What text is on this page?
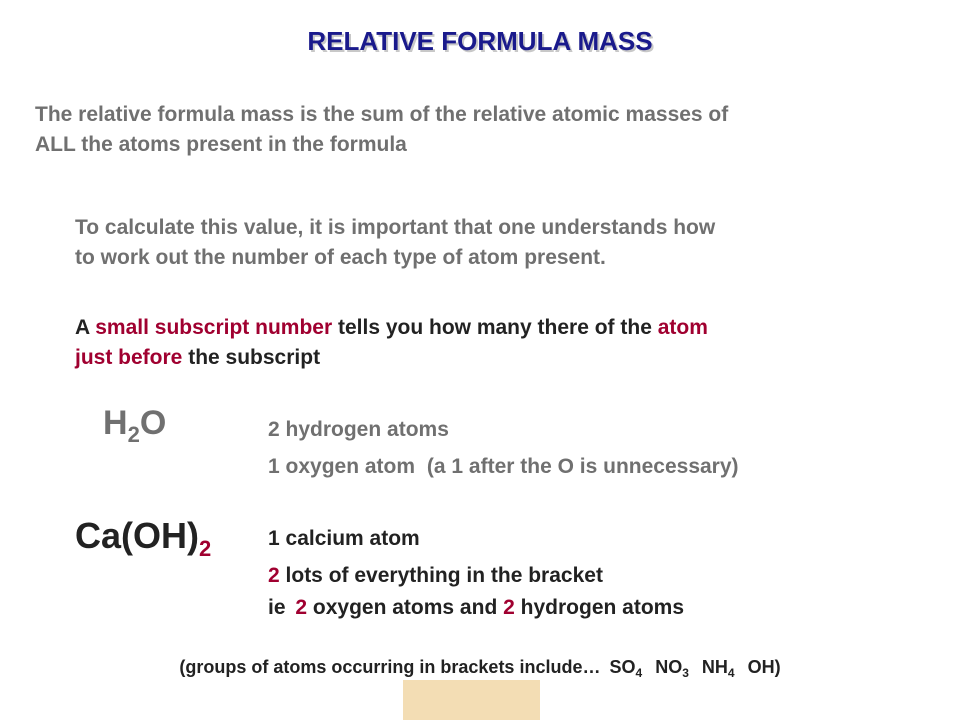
RELATIVE FORMULA MASS
The relative formula mass is the sum of the relative atomic masses of
ALL the atoms present in the formula
To calculate this value, it is important that one understands how
to work out the number of each type of atom present.
A small subscript number tells you how many there of the atom
just before the subscript
$H_2O$	2 hydrogen atoms
1 oxygen atom (a 1 after the O is unnecessary)
$Ca(OH)_2$	1 calcium atom
2 lots of everything in the bracket
ie 2 oxygen atoms and 2 hydrogen atoms
(groups of atoms occurring in brackets include… $SO_4$ $NO_3$ $NH_4$ OH)
